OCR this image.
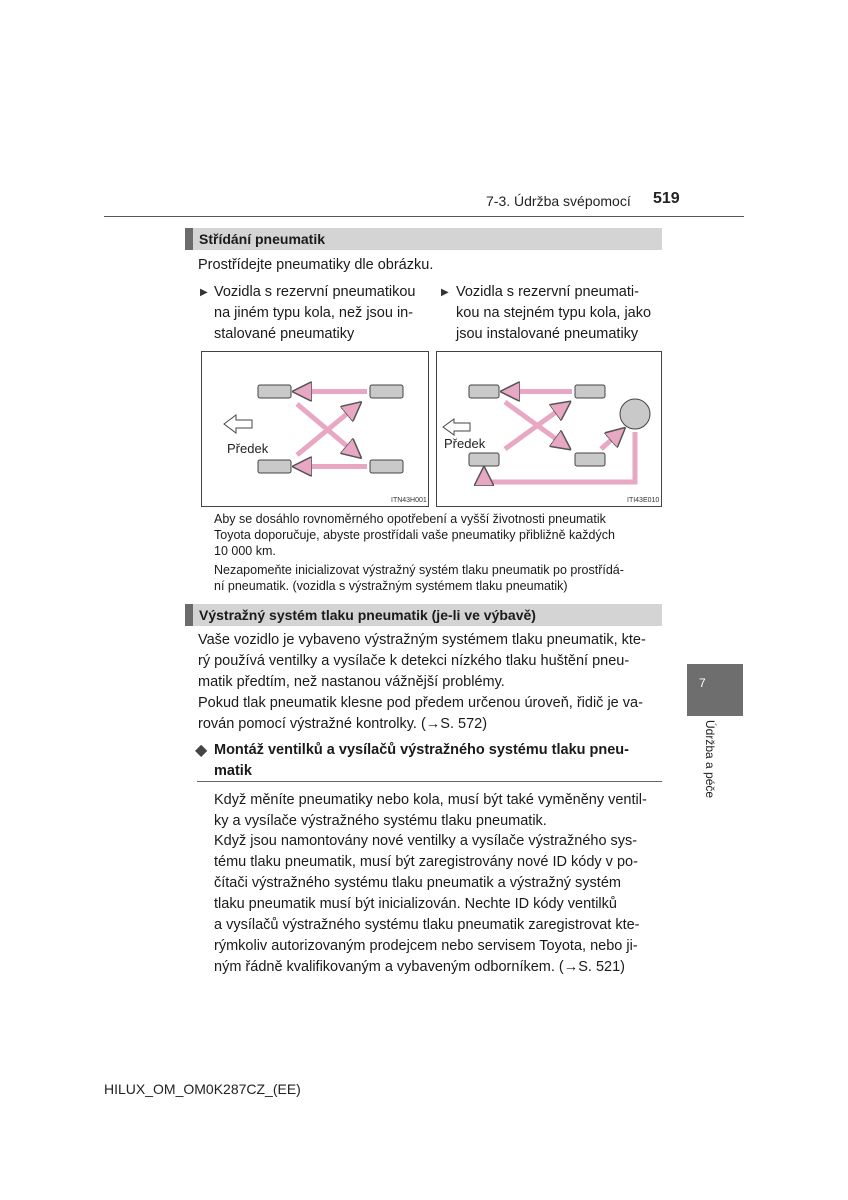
7-3. Údržba svépomocí 519
Střídání pneumatik
Prostřídejte pneumatiky dle obrázku.
▶ Vozidla s rezervní pneumatikou
na jiném typu kola, než jsou in-
stalované pneumatiky
▶ Vozidla s rezervní pneumati-
kou na stejném typu kola, jako
jsou instalované pneumatiky
Předek
ITN43H001
Předek
ITI43E010
Aby se dosáhlo rovnoměrného opotřebení a vyšší životnosti pneumatik
Toyota doporučuje, abyste prostřídali vaše pneumatiky přibližně každých
10 000 km.
Nezapomeňte inicializovat výstražný systém tlaku pneumatik po prostřídá-
ní pneumatik. (vozidla s výstražným systémem tlaku pneumatik)
Výstražný systém tlaku pneumatik (je-li ve výbavě)
Vaše vozidlo je vybaveno výstražným systémem tlaku pneumatik, kte-
rý používá ventilky a vysílače k detekci nízkého tlaku huštění pneu-
matik předtím, než nastanou vážnější problémy.
Pokud tlak pneumatik klesne pod předem určenou úroveň, řidič je va-
rován pomocí výstražné kontrolky. (→S. 572)
◆ Montáž ventilků a vysílačů výstražného systému tlaku pneu-
matik
Když měníte pneumatiky nebo kola, musí být také vyměněny ventil-
ky a vysílače výstražného systému tlaku pneumatik.
Když jsou namontovány nové ventilky a vysílače výstražného sys-
tému tlaku pneumatik, musí být zaregistrovány nové ID kódy v po-
čítači výstražného systému tlaku pneumatik a výstražný systém
tlaku pneumatik musí být inicializován. Nechte ID kódy ventilků
a vysílačů výstražného systému tlaku pneumatik zaregistrovat kte-
rýmkoliv autorizovaným prodejcem nebo servisem Toyota, nebo ji-
ným řádně kvalifikovaným a vybaveným odborníkem. (→S. 521)
7
Údržba a péče
HILUX_OM_OM0K287CZ_(EE)
